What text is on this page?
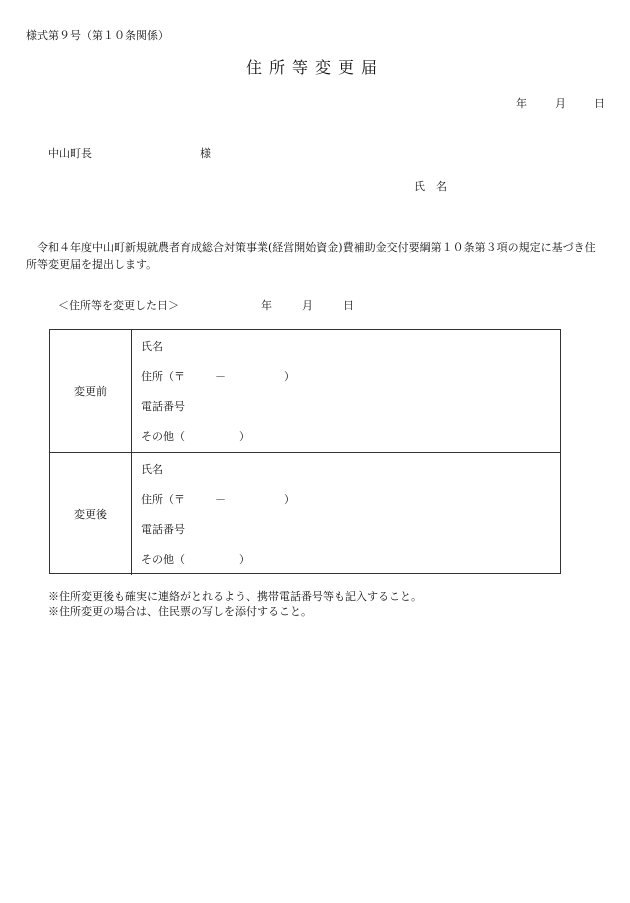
様式第９号（第１０条関係）
住所等変更届
年	月	日
中山町長	様
氏　名
令和４年度中山町新規就農者育成総合対策事業(経営開始資金)費補助金交付要綱第１０条第３項の規定に基づき住所等変更届を提出します。
＜住所等を変更した日＞	年	月	日
変更前
氏名
住所（〒	－	）
電話番号
その他（	）
変更後
氏名
住所（〒	－	）
電話番号
その他（	）
※住所変更後も確実に連絡がとれるよう、携帯電話番号等も記入すること。
※住所変更の場合は、住民票の写しを添付すること。
